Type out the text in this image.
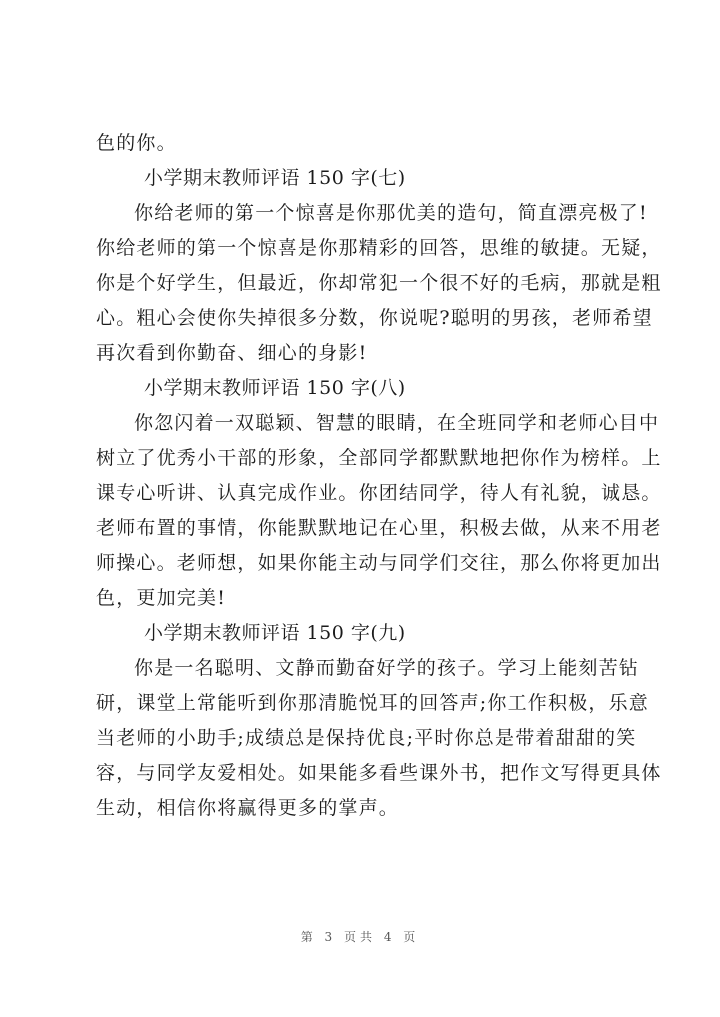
色的你。
小学期末教师评语 150 字(七)
你给老师的第一个惊喜是你那优美的造句，简直漂亮极了!
你给老师的第一个惊喜是你那精彩的回答，思维的敏捷。无疑，
你是个好学生，但最近，你却常犯一个很不好的毛病，那就是粗
心。粗心会使你失掉很多分数，你说呢?聪明的男孩，老师希望
再次看到你勤奋、细心的身影!
小学期末教师评语 150 字(八)
你忽闪着一双聪颖、智慧的眼睛，在全班同学和老师心目中
树立了优秀小干部的形象，全部同学都默默地把你作为榜样。上
课专心听讲、认真完成作业。你团结同学，待人有礼貌，诚恳。
老师布置的事情，你能默默地记在心里，积极去做，从来不用老
师操心。老师想，如果你能主动与同学们交往，那么你将更加出
色，更加完美!
小学期末教师评语 150 字(九)
你是一名聪明、文静而勤奋好学的孩子。学习上能刻苦钻
研，课堂上常能听到你那清脆悦耳的回答声;你工作积极，乐意
当老师的小助手;成绩总是保持优良;平时你总是带着甜甜的笑
容，与同学友爱相处。如果能多看些课外书，把作文写得更具体
生动，相信你将赢得更多的掌声。
第 3 页共 4 页
